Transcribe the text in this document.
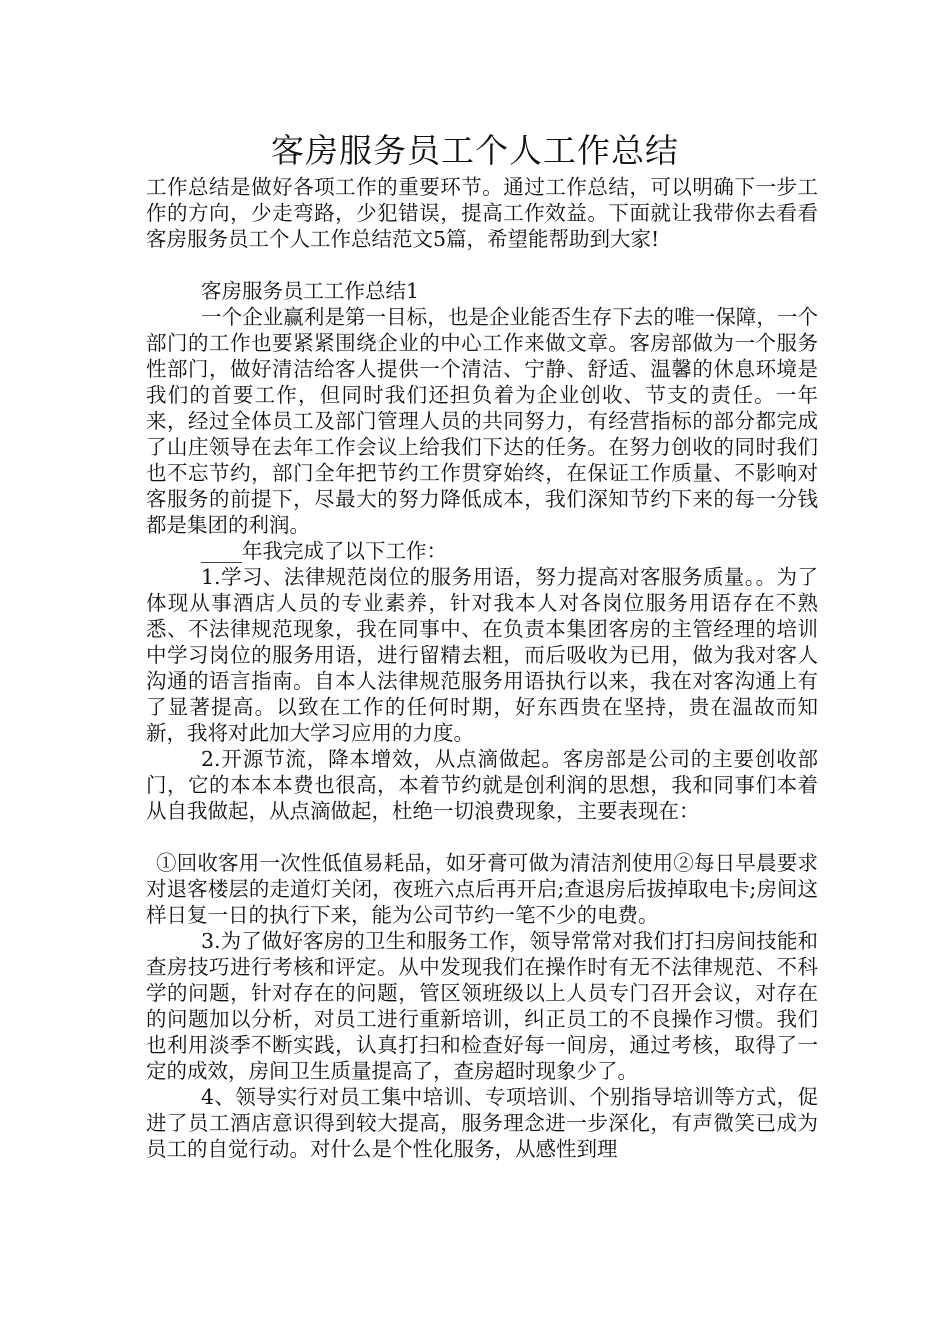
客房服务员工个人工作总结

工作总结是做好各项工作的重要环节。通过工作总结，可以明确下一步工作的方向，少走弯路，少犯错误，提高工作效益。下面就让我带你去看看客房服务员工个人工作总结范文5篇，希望能帮助到大家!

客房服务员工工作总结1

一个企业赢利是第一目标，也是企业能否生存下去的唯一保障，一个部门的工作也要紧紧围绕企业的中心工作来做文章。客房部做为一个服务性部门，做好清洁给客人提供一个清洁、宁静、舒适、温馨的休息环境是我们的首要工作，但同时我们还担负着为企业创收、节支的责任。一年来，经过全体员工及部门管理人员的共同努力，有经营指标的部分都完成了山庄领导在去年工作会议上给我们下达的任务。在努力创收的同时我们也不忘节约，部门全年把节约工作贯穿始终，在保证工作质量、不影响对客服务的前提下，尽最大的努力降低成本，我们深知节约下来的每一分钱都是集团的利润。

____年我完成了以下工作：

1.学习、法律规范岗位的服务用语，努力提高对客服务质量。。为了体现从事酒店人员的专业素养，针对我本人对各岗位服务用语存在不熟悉、不法律规范现象，我在同事中、在负责本集团客房的主管经理的培训中学习岗位的服务用语，进行留精去粗，而后吸收为已用，做为我对客人沟通的语言指南。自本人法律规范服务用语执行以来，我在对客沟通上有了显著提高。以致在工作的任何时期，好东西贵在坚持，贵在温故而知新，我将对此加大学习应用的力度。

2.开源节流，降本增效，从点滴做起。客房部是公司的主要创收部门，它的本本本费也很高，本着节约就是创利润的思想，我和同事们本着从自我做起，从点滴做起，杜绝一切浪费现象，主要表现在：

①回收客用一次性低值易耗品，如牙膏可做为清洁剂使用②每日早晨要求对退客楼层的走道灯关闭，夜班六点后再开启;查退房后拔掉取电卡;房间这样日复一日的执行下来，能为公司节约一笔不少的电费。

3.为了做好客房的卫生和服务工作，领导常常对我们打扫房间技能和查房技巧进行考核和评定。从中发现我们在操作时有无不法律规范、不科学的问题，针对存在的问题，管区领班级以上人员专门召开会议，对存在的问题加以分析，对员工进行重新培训，纠正员工的不良操作习惯。我们也利用淡季不断实践，认真打扫和检查好每一间房，通过考核，取得了一定的成效，房间卫生质量提高了，查房超时现象少了。

4、领导实行对员工集中培训、专项培训、个别指导培训等方式，促进了员工酒店意识得到较大提高，服务理念进一步深化，有声微笑已成为员工的自觉行动。对什么是个性化服务，从感性到理
